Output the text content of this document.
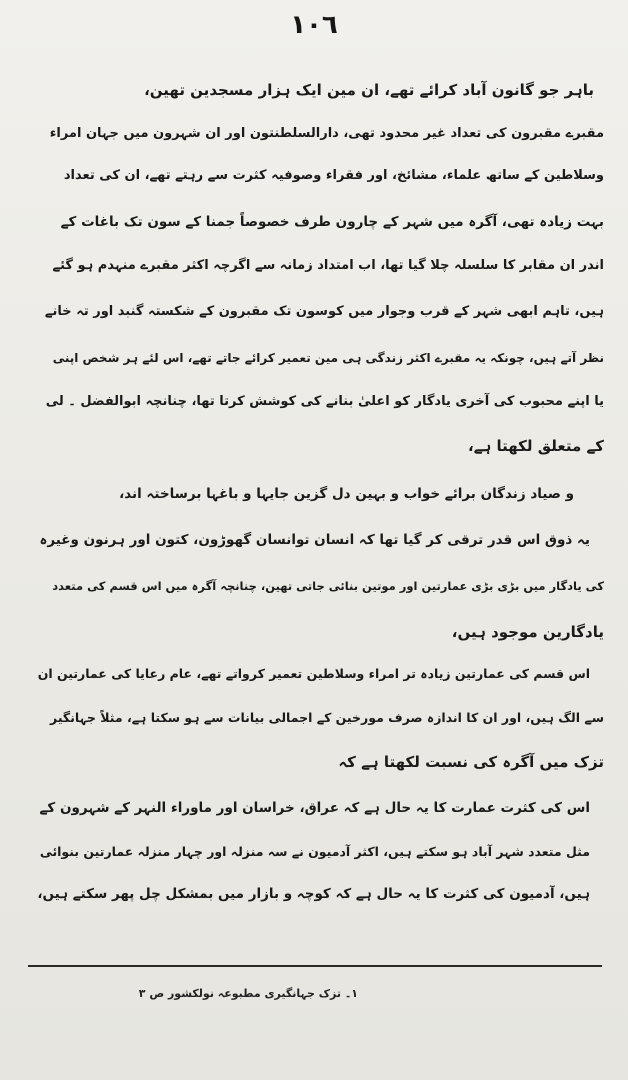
١٠٦
باہر جو گانون آباد کرائے تھے، ان مین ایک ہزار مسجدین تھین،
مقبرے مقبرون کی تعداد غیر محدود تھی، دارالسلطنتون اور ان شہرون میں جہان امراء
وسلاطین کے ساتھ علماء، مشائخ، اور فقراء وصوفیہ کثرت سے رہتے تھے، ان کی تعداد
بہت زیادہ تھی، آگرہ میں شہر کے چارون طرف خصوصاً جمنا کے سون تک باغات کے
اندر ان مقابر کا سلسلہ چلا گیا تھا، اب امتداد زمانہ سے اگرچہ اکثر مقبرے منہدم ہو گئے
ہیں، تاہم ابھی شہر کے قرب وجوار میں کوسون تک مقبرون کے شکستہ گنبد اور تہ خانے
نظر آتے ہیں، چونکہ یہ مقبرے اکثر زندگی ہی مین تعمیر کرائے جاتے تھے، اس لئے ہر شخص اپنی
یا اپنے محبوب کی آخری یادگار کو اعلیٰ بنانے کی کوشش کرتا تھا، چنانچہ ابوالفضل ۔ لی
کے متعلق لکھتا ہے،
و صیاد زندگان برائے خواب و بہین دل گزین جایہا و باغہا برساختہ اند،
یہ ذوق اس قدر ترقی کر گیا تھا کہ انسان توانسان گھوڑون، کتون اور ہرنون وغیرہ
کی یادگار میں بڑی بڑی عمارتین اور موتین بنائی جاتی تھین، چنانچہ آگرہ میں اس قسم کی متعدد
یادگارین موجود ہیں،
اس قسم کی عمارتین زیادہ تر امراء وسلاطین تعمیر کرواتے تھے، عام رعایا کی عمارتین ان
سے الگ ہیں، اور ان کا اندازہ صرف مورخین کے اجمالی بیانات سے ہو سکتا ہے، مثلاً جہانگیر
تزک میں آگرہ کی نسبت لکھتا ہے کہ
اس کی کثرت عمارت کا یہ حال ہے کہ عراق، خراسان اور ماوراء النہر کے شہرون کے
مثل متعدد شہر آباد ہو سکتے ہیں، اکثر آدمیون نے سہ منزلہ اور چہار منزلہ عمارتین بنوائی
ہیں، آدمیون کی کثرت کا یہ حال ہے کہ کوچہ و بازار میں بمشکل چل پھر سکتے ہیں،
۱۔ تزک جہانگیری مطبوعہ نولکشور ص ۳
